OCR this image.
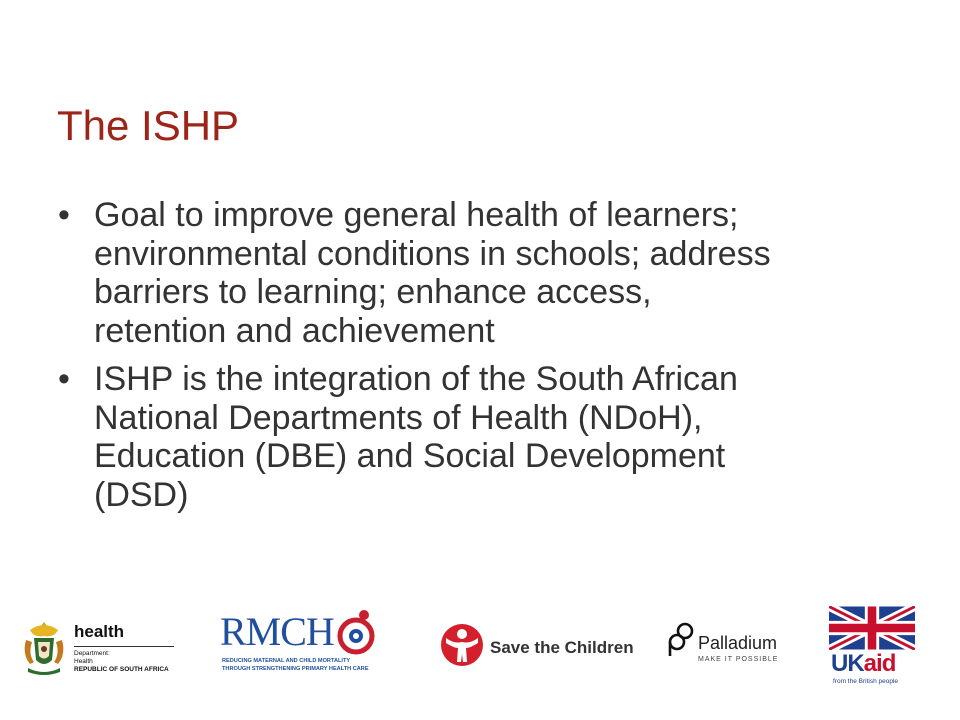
The ISHP
• Goal to improve general health of learners;
environmental conditions in schools; address
barriers to learning; enhance access,
retention and achievement
• ISHP is the integration of the South African
National Departments of Health (NDoH),
Education (DBE) and Social Development
(DSD)
health
Department:
Health
REPUBLIC OF SOUTH AFRICA
RMCH
REDUCING MATERNAL AND CHILD MORTALITY
THROUGH STRENGTHENING PRIMARY HEALTH CARE
Save the Children	Palladium
MAKE IT POSSIBLE UKaid
from the British people
